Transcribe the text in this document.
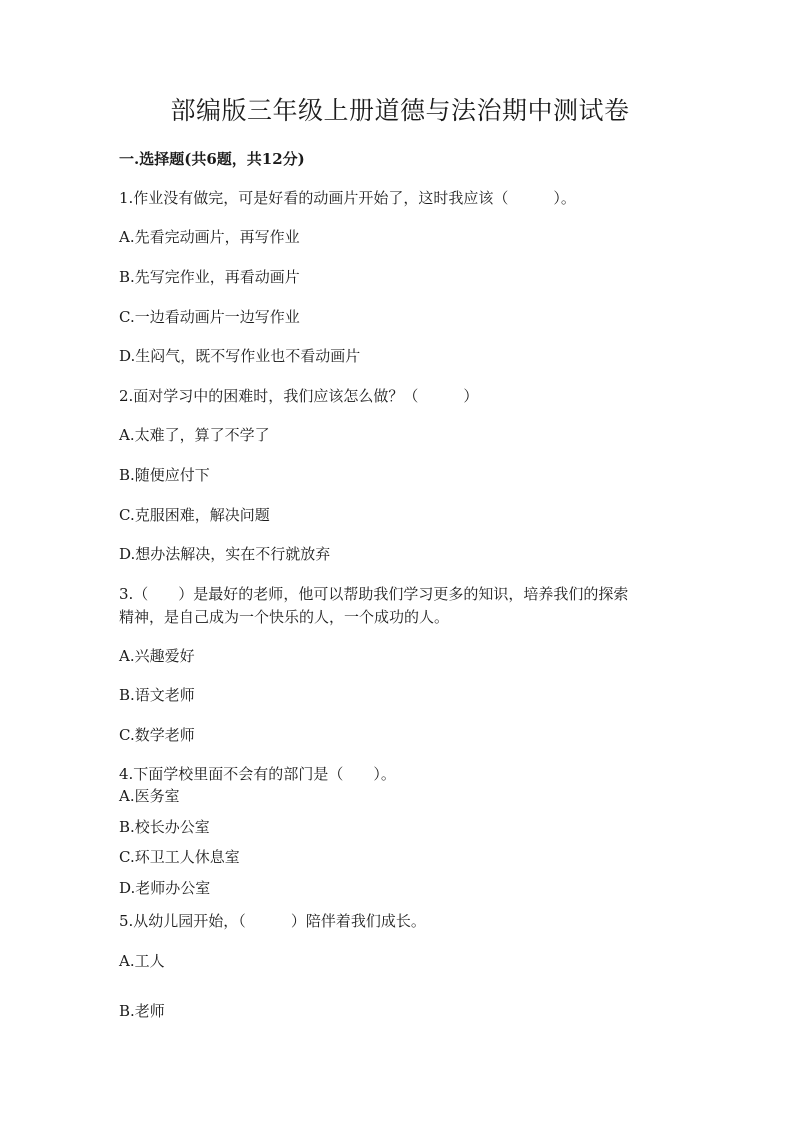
部编版三年级上册道德与法治期中测试卷
一.选择题(共6题，共12分)
1.作业没有做完，可是好看的动画片开始了，这时我应该（　　　）。
A.先看完动画片，再写作业
B.先写完作业，再看动画片
C.一边看动画片一边写作业
D.生闷气，既不写作业也不看动画片
2.面对学习中的困难时，我们应该怎么做？（　　　）
A.太难了，算了不学了
B.随便应付下
C.克服困难，解决问题
D.想办法解决，实在不行就放弃
3.（　　）是最好的老师，他可以帮助我们学习更多的知识，培养我们的探索
精神，是自己成为一个快乐的人，一个成功的人。
A.兴趣爱好
B.语文老师
C.数学老师
4.下面学校里面不会有的部门是（　　）。
A.医务室
B.校长办公室
C.环卫工人休息室
D.老师办公室
5.从幼儿园开始，（　　　）陪伴着我们成长。
A.工人
B.老师
